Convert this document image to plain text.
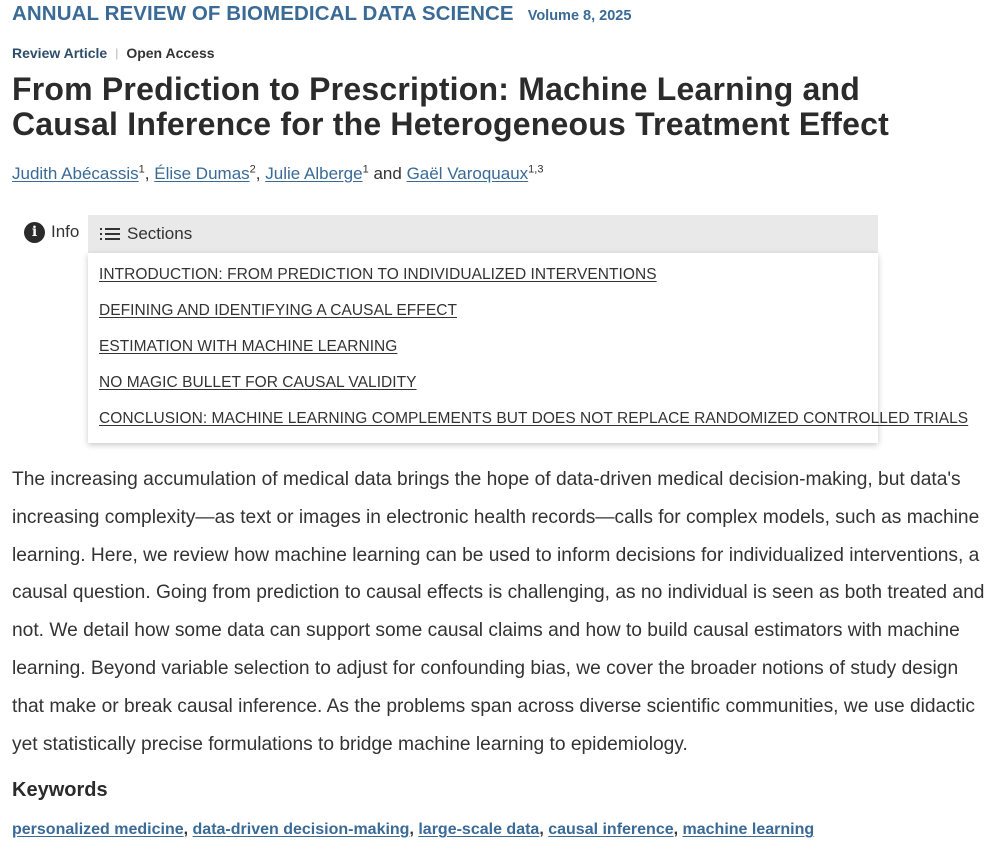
ANNUAL REVIEW OF BIOMEDICAL DATA SCIENCE Volume 8, 2025
Review Article | Open Access
From Prediction to Prescription: Machine Learning and Causal Inference for the Heterogeneous Treatment Effect
Judith Abécassis$^1$, Élise Dumas$^2$, Julie Alberge$^1$ and Gaël Varoquaux$^{1,3}$
i Info	Sections
INTRODUCTION: FROM PREDICTION TO INDIVIDUALIZED INTERVENTIONS
DEFINING AND IDENTIFYING A CAUSAL EFFECT
ESTIMATION WITH MACHINE LEARNING
NO MAGIC BULLET FOR CAUSAL VALIDITY
CONCLUSION: MACHINE LEARNING COMPLEMENTS BUT DOES NOT REPLACE RANDOMIZED CONTROLLED TRIALS

The increasing accumulation of medical data brings the hope of data-driven medical decision-making, but data's increasing complexity—as text or images in electronic health records—calls for complex models, such as machine learning. Here, we review how machine learning can be used to inform decisions for individualized interventions, a causal question. Going from prediction to causal effects is challenging, as no individual is seen as both treated and not. We detail how some data can support some causal claims and how to build causal estimators with machine learning. Beyond variable selection to adjust for confounding bias, we cover the broader notions of study design that make or break causal inference. As the problems span across diverse scientific communities, we use didactic yet statistically precise formulations to bridge machine learning to epidemiology.

Keywords
personalized medicine, data-driven decision-making, large-scale data, causal inference, machine learning
